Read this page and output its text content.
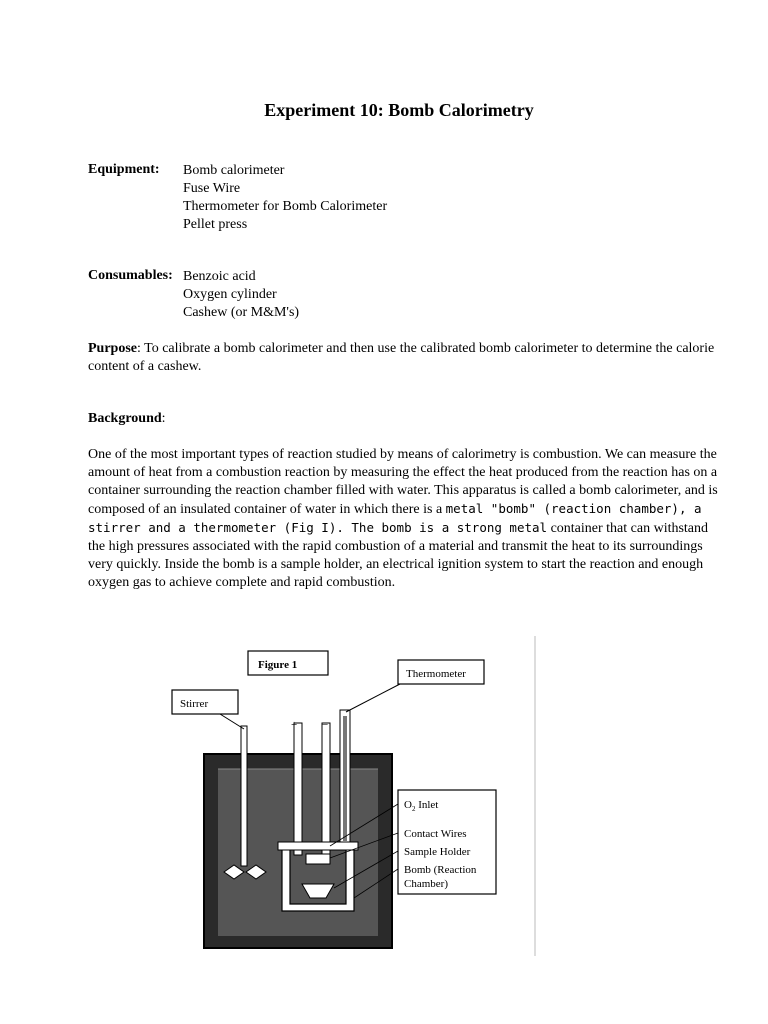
Experiment 10: Bomb Calorimetry
Equipment: Bomb calorimeter
Fuse Wire
Thermometer for Bomb Calorimeter
Pellet press
Consumables: Benzoic acid
Oxygen cylinder
Cashew (or M&M's)
Purpose: To calibrate a bomb calorimeter and then use the calibrated bomb calorimeter to determine the calorie content of a cashew.
Background:
One of the most important types of reaction studied by means of calorimetry is combustion. We can measure the amount of heat from a combustion reaction by measuring the effect the heat produced from the reaction has on a container surrounding the reaction chamber filled with water. This apparatus is called a bomb calorimeter, and is composed of an insulated container of water in which there is a metal "bomb" (reaction chamber), a stirrer and a thermometer (Fig I). The bomb is a strong metal container that can withstand the high pressures associated with the rapid combustion of a material and transmit the heat to its surroundings very quickly. Inside the bomb is a sample holder, an electrical ignition system to start the reaction and enough oxygen gas to achieve complete and rapid combustion.
+ −
Figure 1
Thermometer
Stirrer
$O_2$ Inlet
Contact Wires
Sample Holder
Bomb (Reaction
Chamber)
